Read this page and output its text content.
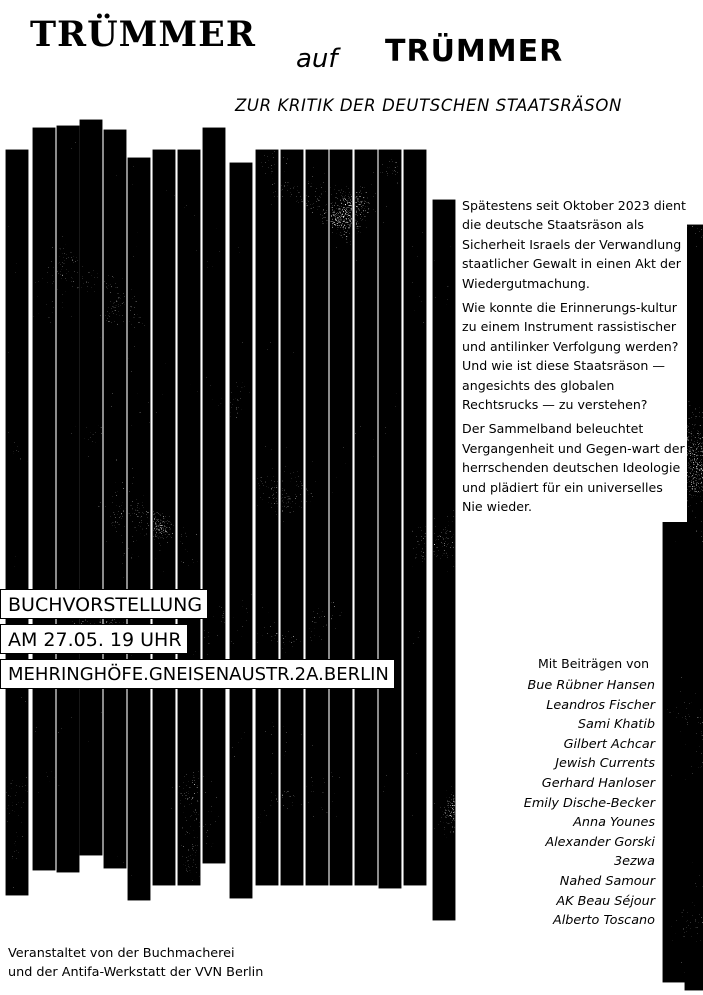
TRÜMMER
auf TRÜMMER
ZUR KRITIK DER DEUTSCHEN STAATSRÄSON

Spätestens seit Oktober 2023 dient die deutsche Staatsräson als Sicherheit Israels der Verwandlung staatlicher Gewalt in einen Akt der Wiedergutmachung.

Wie konnte die Erinnerungs-kultur zu einem Instrument rassistischer und antilinker Verfolgung werden? Und wie ist diese Staatsräson — angesichts des globalen Rechtsrucks — zu verstehen?

Der Sammelband beleuchtet Vergangenheit und Gegen-wart der herrschenden deutschen Ideologie und plädiert für ein universelles Nie wieder.

BUCHVORSTELLUNG
AM 27.05. 19 UHR
MEHRINGHÖFE.GNEISENAUSTR.2A.BERLIN
Mit Beiträgen von
Bue Rübner Hansen
Leandros Fischer
Sami Khatib
Gilbert Achcar
Jewish Currents
Gerhard Hanloser
Emily Dische-Becker
Anna Younes
Alexander Gorski
3ezwa
Nahed Samour
AK Beau Séjour
Alberto Toscano
Veranstaltet von der Buchmacherei
und der Antifa-Werkstatt der VVN Berlin
